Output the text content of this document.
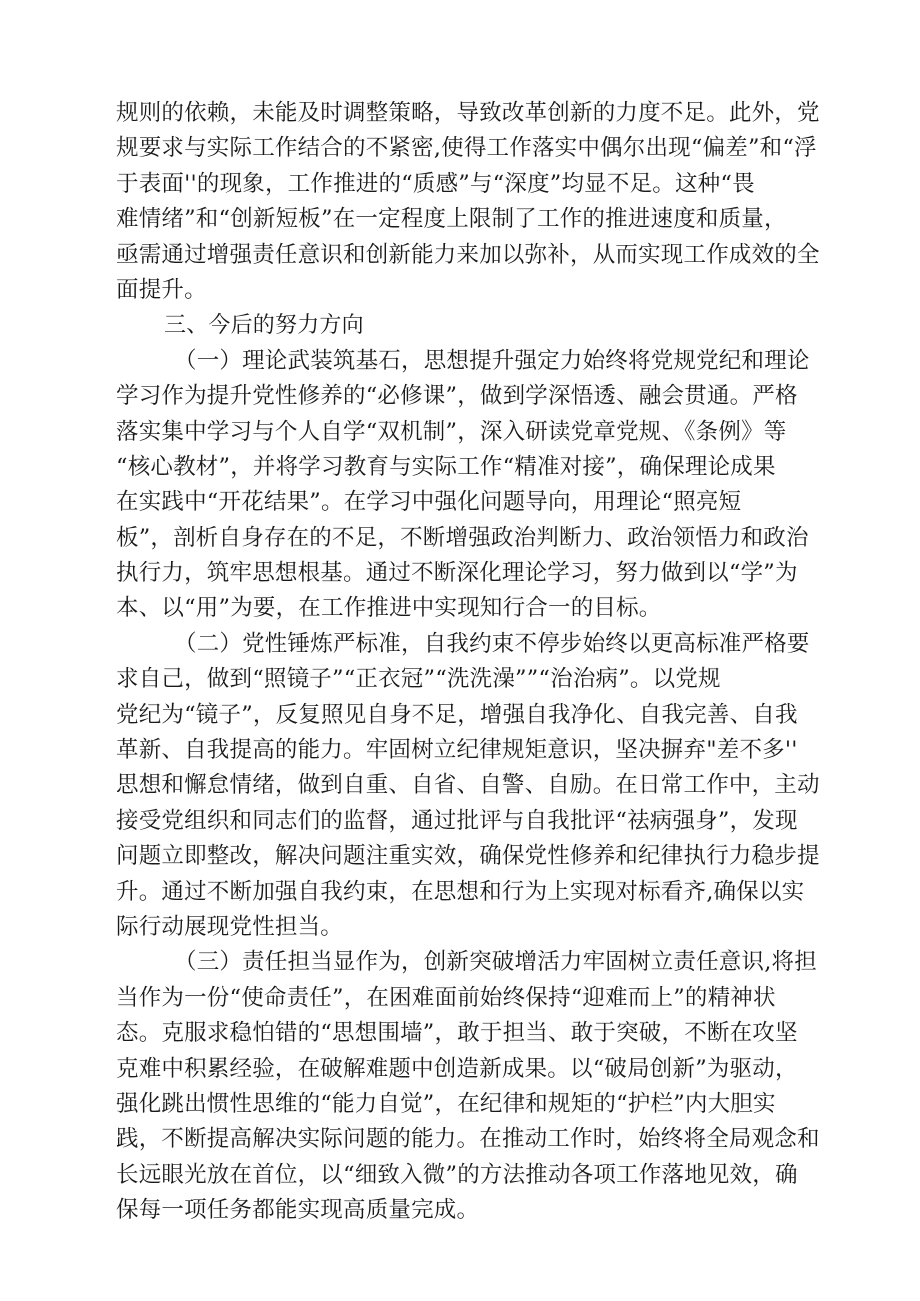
规则的依赖，未能及时调整策略，导致改革创新的力度不足。此外，党
规要求与实际工作结合的不紧密,使得工作落实中偶尔出现“偏差”和“浮
于表面''的现象，工作推进的“质感”与“深度”均显不足。这种“畏
难情绪”和“创新短板”在一定程度上限制了工作的推进速度和质量，
亟需通过增强责任意识和创新能力来加以弥补，从而实现工作成效的全
面提升。
三、今后的努力方向
（一）理论武装筑基石，思想提升强定力始终将党规党纪和理论
学习作为提升党性修养的“必修课”，做到学深悟透、融会贯通。严格
落实集中学习与个人自学“双机制”，深入研读党章党规、《条例》等
“核心教材”，并将学习教育与实际工作“精准对接”，确保理论成果
在实践中“开花结果”。在学习中强化问题导向，用理论“照亮短
板”，剖析自身存在的不足，不断增强政治判断力、政治领悟力和政治
执行力，筑牢思想根基。通过不断深化理论学习，努力做到以“学”为
本、以“用”为要，在工作推进中实现知行合一的目标。
（二）党性锤炼严标准，自我约束不停步始终以更高标准严格要
求自己，做到“照镜子”“正衣冠”“洗洗澡””“治治病”。以党规
党纪为“镜子”，反复照见自身不足，增强自我净化、自我完善、自我
革新、自我提高的能力。牢固树立纪律规矩意识，坚决摒弃"差不多''
思想和懈怠情绪，做到自重、自省、自警、自励。在日常工作中，主动
接受党组织和同志们的监督，通过批评与自我批评“祛病强身”，发现
问题立即整改，解决问题注重实效，确保党性修养和纪律执行力稳步提
升。通过不断加强自我约束，在思想和行为上实现对标看齐,确保以实
际行动展现党性担当。
（三）责任担当显作为，创新突破增活力牢固树立责任意识,将担
当作为一份“使命责任”，在困难面前始终保持“迎难而上”的精神状
态。克服求稳怕错的“思想围墙”，敢于担当、敢于突破，不断在攻坚
克难中积累经验，在破解难题中创造新成果。以“破局创新”为驱动，
强化跳出惯性思维的“能力自觉”，在纪律和规矩的“护栏”内大胆实
践，不断提高解决实际问题的能力。在推动工作时，始终将全局观念和
长远眼光放在首位，以“细致入微”的方法推动各项工作落地见效，确
保每一项任务都能实现高质量完成。
